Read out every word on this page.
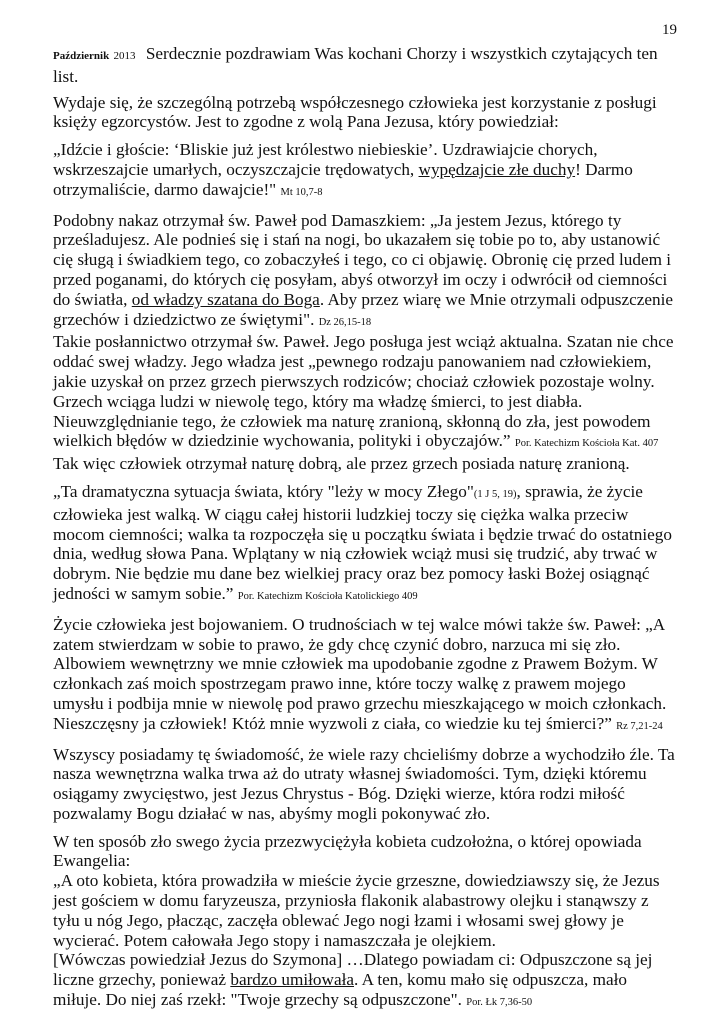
19
Październik 2013 Serdecznie pozdrawiam Was kochani Chorzy i wszystkich czytających ten list.

Wydaje się, że szczególną potrzebą współczesnego człowieka jest korzystanie z posługi księży egzorcystów. Jest to zgodne z wolą Pana Jezusa, który powiedział:

„Idźcie i głoście: ‘Bliskie już jest królestwo niebieskie’. Uzdrawiajcie chorych, wskrzeszajcie umarłych, oczyszczajcie trędowatych, wypędzajcie złe duchy! Darmo otrzymaliście, darmo dawajcie!" Mt 10,7-8

Podobny nakaz otrzymał św. Paweł pod Damaszkiem: „Ja jestem Jezus, którego ty prześladujesz. Ale podnieś się i stań na nogi, bo ukazałem się tobie po to, aby ustanowić cię sługą i świadkiem tego, co zobaczyłeś i tego, co ci objawię. Obronię cię przed ludem i przed poganami, do których cię posyłam, abyś otworzył im oczy i odwrócił od ciemności do światła, od władzy szatana do Boga. Aby przez wiarę we Mnie otrzymali odpuszczenie grzechów i dziedzictwo ze świętymi". Dz 26,15-18

Takie posłannictwo otrzymał św. Paweł. Jego posługa jest wciąż aktualna. Szatan nie chce oddać swej władzy. Jego władza jest „pewnego rodzaju panowaniem nad człowiekiem, jakie uzyskał on przez grzech pierwszych rodziców; chociaż człowiek pozostaje wolny. Grzech wciąga ludzi w niewolę tego, który ma władzę śmierci, to jest diabła. Nieuwzględnianie tego, że człowiek ma naturę zranioną, skłonną do zła, jest powodem wielkich błędów w dziedzinie wychowania, polityki i obyczajów.” Por. Katechizm Kościoła Kat. 407

Tak więc człowiek otrzymał naturę dobrą, ale przez grzech posiada naturę zranioną.

„Ta dramatyczna sytuacja świata, który "leży w mocy Złego"(1 J 5, 19), sprawia, że życie człowieka jest walką. W ciągu całej historii ludzkiej toczy się ciężka walka przeciw mocom ciemności; walka ta rozpoczęła się u początku świata i będzie trwać do ostatniego dnia, według słowa Pana. Wplątany w nią człowiek wciąż musi się trudzić, aby trwać w dobrym. Nie będzie mu dane bez wielkiej pracy oraz bez pomocy łaski Bożej osiągnąć jedności w samym sobie.” Por. Katechizm Kościoła Katolickiego 409

Życie człowieka jest bojowaniem. O trudnościach w tej walce mówi także św. Paweł: „A zatem stwierdzam w sobie to prawo, że gdy chcę czynić dobro, narzuca mi się zło. Albowiem wewnętrzny we mnie człowiek ma upodobanie zgodne z Prawem Bożym. W członkach zaś moich spostrzegam prawo inne, które toczy walkę z prawem mojego umysłu i podbija mnie w niewolę pod prawo grzechu mieszkającego w moich członkach. Nieszczęsny ja człowiek! Któż mnie wyzwoli z ciała, co wiedzie ku tej śmierci?” Rz 7,21-24

Wszyscy posiadamy tę świadomość, że wiele razy chcieliśmy dobrze a wychodziło źle. Ta nasza wewnętrzna walka trwa aż do utraty własnej świadomości. Tym, dzięki któremu osiągamy zwycięstwo, jest Jezus Chrystus - Bóg. Dzięki wierze, która rodzi miłość pozwalamy Bogu działać w nas, abyśmy mogli pokonywać zło.

W ten sposób zło swego życia przezwyciężyła kobieta cudzołożna, o której opowiada Ewangelia:

„A oto kobieta, która prowadziła w mieście życie grzeszne, dowiedziawszy się, że Jezus jest gościem w domu faryzeusza, przyniosła flakonik alabastrowy olejku i stanąwszy z tyłu u nóg Jego, płacząc, zaczęła oblewać Jego nogi łzami i włosami swej głowy je wycierać. Potem całowała Jego stopy i namaszczała je olejkiem.

[Wówczas powiedział Jezus do Szymona] …Dlatego powiadam ci: Odpuszczone są jej liczne grzechy, ponieważ bardzo umiłowała. A ten, komu mało się odpuszcza, mało miłuje. Do niej zaś rzekł: "Twoje grzechy są odpuszczone". Por. Łk 7,36-50
